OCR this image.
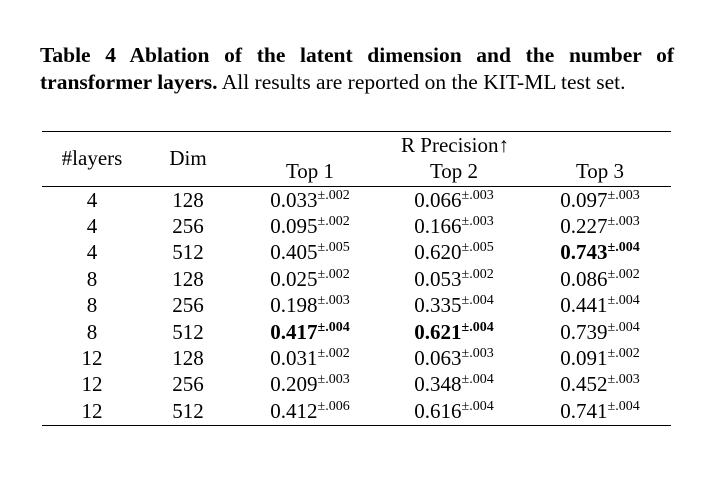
Table 4 Ablation of the latent dimension and the number of transformer layers. All results are reported on the KIT-ML test set.
#layers	Dim
R Precision↑
Top 1	Top 2	Top 3
4	128	$0.033^{\pm.002}$	$0.066^{\pm.003}$	$0.097^{\pm.003}$
4	256	$0.095^{\pm.002}$	$0.166^{\pm.003}$	$0.227^{\pm.003}$
4	512	$0.405^{\pm.005}$	$0.620^{\pm.005}$	$0.743^{\pm.004}$
8	128	$0.025^{\pm.002}$	$0.053^{\pm.002}$	$0.086^{\pm.002}$
8	256	$0.198^{\pm.003}$	$0.335^{\pm.004}$	$0.441^{\pm.004}$
8	512	$0.417^{\pm.004}$	$0.621^{\pm.004}$	$0.739^{\pm.004}$
12	128	$0.031^{\pm.002}$	$0.063^{\pm.003}$	$0.091^{\pm.002}$
12	256	$0.209^{\pm.003}$	$0.348^{\pm.004}$	$0.452^{\pm.003}$
12	512	$0.412^{\pm.006}$	$0.616^{\pm.004}$	$0.741^{\pm.004}$
